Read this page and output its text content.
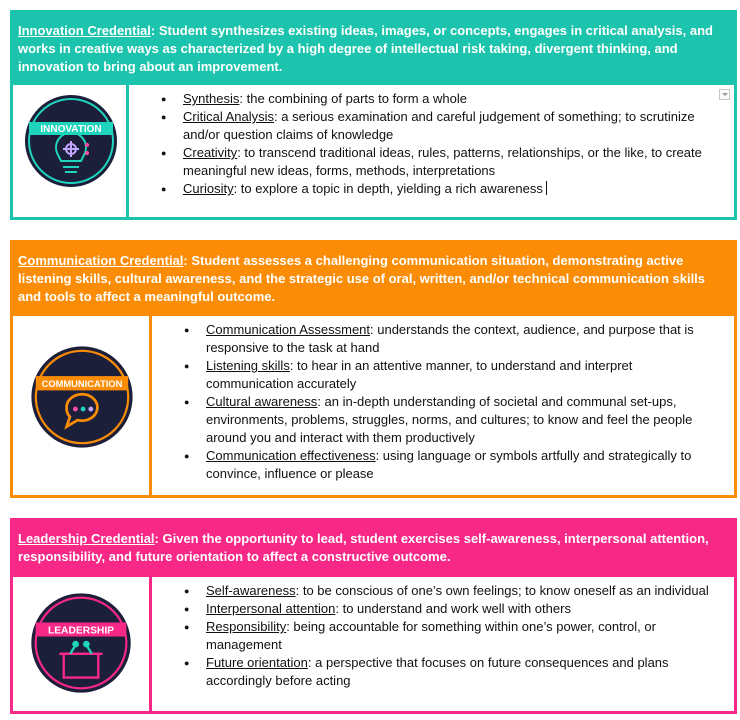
Innovation Credential: Student synthesizes existing ideas, images, or concepts, engages in critical analysis, and works in creative ways as characterized by a high degree of intellectual risk taking, divergent thinking, and innovation to bring about an improvement.
INNOVATION
● Synthesis: the combining of parts to form a whole
● Critical Analysis: a serious examination and careful judgement of something; to scrutinize and/or question claims of knowledge
● Creativity: to transcend traditional ideas, rules, patterns, relationships, or the like, to create meaningful new ideas, forms, methods, interpretations
● Curiosity: to explore a topic in depth, yielding a rich awareness
Communication Credential: Student assesses a challenging communication situation, demonstrating active listening skills, cultural awareness, and the strategic use of oral, written, and/or technical communication skills and tools to affect a meaningful outcome.
COMMUNICATION
● Communication Assessment: understands the context, audience, and purpose that is responsive to the task at hand
● Listening skills: to hear in an attentive manner, to understand and interpret communication accurately
● Cultural awareness: an in-depth understanding of societal and communal set-ups, environments, problems, struggles, norms, and cultures; to know and feel the people around you and interact with them productively
● Communication effectiveness: using language or symbols artfully and strategically to convince, influence or please
Leadership Credential: Given the opportunity to lead, student exercises self-awareness, interpersonal attention, responsibility, and future orientation to affect a constructive outcome.
LEADERSHIP
● Self-awareness: to be conscious of one’s own feelings; to know oneself as an individual
● Interpersonal attention: to understand and work well with others
● Responsibility: being accountable for something within one’s power, control, or management
● Future orientation: a perspective that focuses on future consequences and plans accordingly before acting
